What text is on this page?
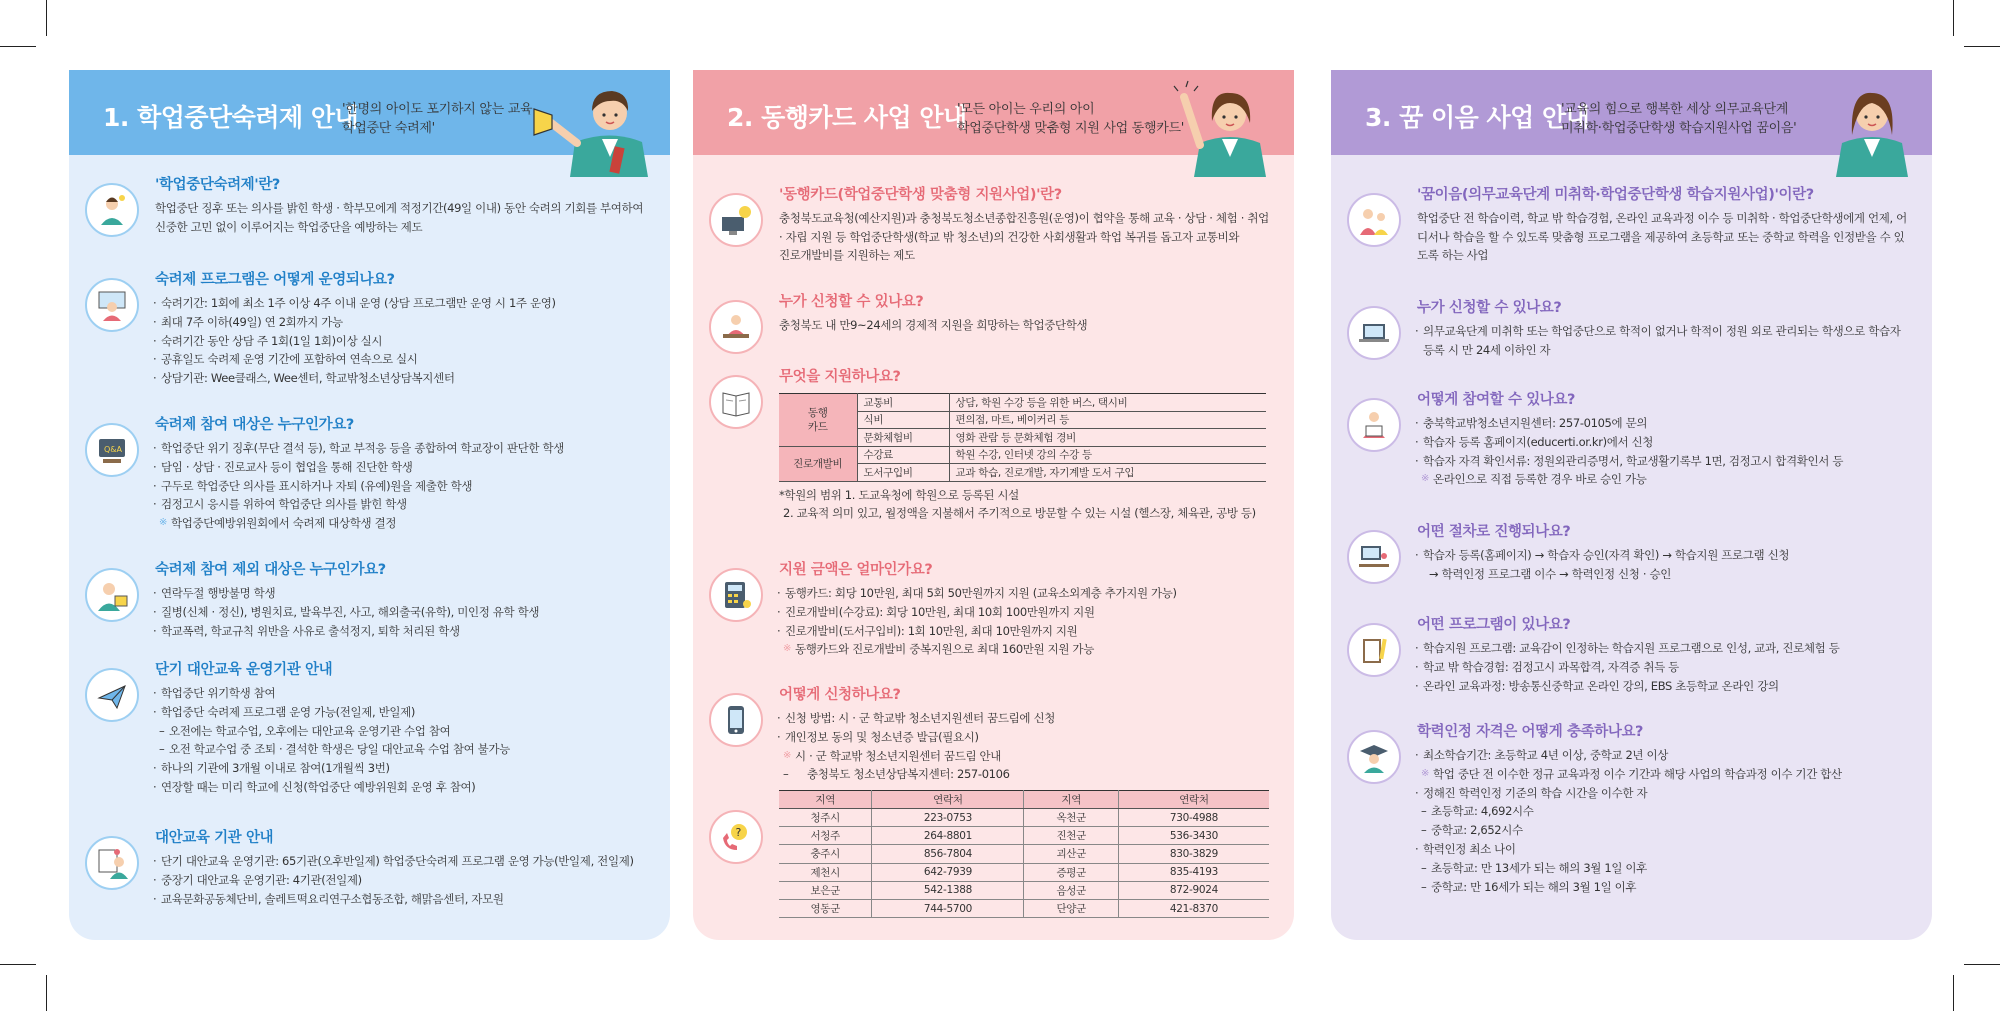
1. 학업중단숙려제 안내
'한명의 아이도 포기하지 않는 교육
학업중단 숙려제'
'학업중단숙려제'란?
학업중단 징후 또는 의사를 밝힌 학생 · 학부모에게 적정기간(49일 이내) 동안 숙려의 기회를 부여하여 신중한 고민 없이 이루어지는 학업중단을 예방하는 제도
숙려제 프로그램은 어떻게 운영되나요?
· 숙려기간: 1회에 최소 1주 이상 4주 이내 운영 (상담 프로그램만 운영 시 1주 운영)
· 최대 7주 이하(49일) 연 2회까지 가능
· 숙려기간 동안 상담 주 1회(1일 1회)이상 실시
· 공휴일도 숙려제 운영 기간에 포함하여 연속으로 실시
· 상담기관: Wee클래스, Wee센터, 학교밖청소년상담복지센터
Q&A
숙려제 참여 대상은 누구인가요?
· 학업중단 위기 징후(무단 결석 등), 학교 부적응 등을 종합하여 학교장이 판단한 학생
· 담임 · 상담 · 진로교사 등이 협업을 통해 진단한 학생
· 구두로 학업중단 의사를 표시하거나 자퇴 (유예)원을 제출한 학생
· 검정고시 응시를 위하여 학업중단 의사를 밝힌 학생
※ 학업중단예방위원회에서 숙려제 대상학생 결정
숙려제 참여 제외 대상은 누구인가요?
· 연락두절 행방불명 학생
· 질병(신체 · 정신), 병원치료, 발육부진, 사고, 해외출국(유학), 미인정 유학 학생
· 학교폭력, 학교규칙 위반을 사유로 출석정지, 퇴학 처리된 학생
단기 대안교육 운영기관 안내
· 학업중단 위기학생 참여
· 학업중단 숙려제 프로그램 운영 가능(전일제, 반일제)
– 오전에는 학교수업, 오후에는 대안교육 운영기관 수업 참여
– 오전 학교수업 중 조퇴 · 결석한 학생은 당일 대안교육 수업 참여 불가능
· 하나의 기관에 3개월 이내로 참여(1개월씩 3번)
· 연장할 때는 미리 학교에 신청(학업중단 예방위원회 운영 후 참여)
대안교육 기관 안내
· 단기 대안교육 운영기관: 65기관(오후반일제) 학업중단숙려제 프로그램 운영 가능(반일제, 전일제)
· 중장기 대안교육 운영기관: 4기관(전일제)
· 교육문화공동체단비, 솔레트떡요리연구소협동조합, 해맑음센터, 자모원
2. 동행카드 사업 안내
'모든 아이는 우리의 아이
학업중단학생 맞춤형 지원 사업 동행카드'
'동행카드(학업중단학생 맞춤형 지원사업)'란?
충청북도교육청(예산지원)과 충청북도청소년종합진흥원(운영)이 협약을 통해 교육 · 상담 · 체험 · 취업
· 자립 지원 등 학업중단학생(학교 밖 청소년)의 건강한 사회생활과 학업 복귀를 돕고자 교통비와
진로개발비를 지원하는 제도
누가 신청할 수 있나요?
충청북도 내 만9~24세의 경제적 지원을 희망하는 학업중단학생
무엇을 지원하나요?
동행
카드	교통비	상담, 학원 수강 등을 위한 버스, 택시비
	식비	편의점, 마트, 베이커리 등
	문화체험비	영화 관람 등 문화체험 경비
진로개발비	수강료	학원 수강, 인터넷 강의 수강 등
	도서구입비	교과 학습, 진로개발, 자기계발 도서 구입
*학원의 범위 1. 도교육청에 학원으로 등록된 시설
2. 교육적 의미 있고, 월정액을 지불해서 주기적으로 방문할 수 있는 시설 (헬스장, 체육관, 공방 등)
지원 금액은 얼마인가요?
· 동행카드: 회당 10만원, 최대 5회 50만원까지 지원 (교육소외계층 추가지원 가능)
· 진로개발비(수강료): 회당 10만원, 최대 10회 100만원까지 지원
· 진로개발비(도서구입비): 1회 10만원, 최대 10만원까지 지원
※ 동행카드와 진로개발비 중복지원으로 최대 160만원 지원 가능
어떻게 신청하나요?
· 신청 방법: 시 · 군 학교밖 청소년지원센터 꿈드림에 신청
· 개인정보 동의 및 청소년증 발급(필요시)
※ 시 · 군 학교밖 청소년지원센터 꿈드림 안내
– 충청북도 청소년상담복지센터: 257-0106
?
지역	연락처	지역	연락처
청주시	223-0753	옥천군	730-4988
서청주	264-8801	진천군	536-3430
충주시	856-7804	괴산군	830-3829
제천시	642-7939	증평군	835-4193
보은군	542-1388	음성군	872-9024
영동군	744-5700	단양군	421-8370
3. 꿈 이음 사업 안내
'교육의 힘으로 행복한 세상 의무교육단계
미취학·학업중단학생 학습지원사업 꿈이음'
'꿈이음(의무교육단계 미취학·학업중단학생 학습지원사업)'이란?
학업중단 전 학습이력, 학교 밖 학습경험, 온라인 교육과정 이수 등 미취학 · 학업중단학생에게 언제, 어디서나 학습을 할 수 있도록 맞춤형 프로그램을 제공하여 초등학교 또는 중학교 학력을 인정받을 수 있도록 하는 사업
누가 신청할 수 있나요?
· 의무교육단계 미취학 또는 학업중단으로 학적이 없거나 학적이 정원 외로 관리되는 학생으로 학습자 등록 시 만 24세 이하인 자
어떻게 참여할 수 있나요?
· 충북학교밖청소년지원센터: 257-0105에 문의
· 학습자 등록 홈페이지(educerti.or.kr)에서 신청
· 학습자 자격 확인서류: 정원외관리증명서, 학교생활기록부 1면, 검정고시 합격확인서 등
※ 온라인으로 직접 등록한 경우 바로 승인 가능
어떤 절차로 진행되나요?
· 학습자 등록(홈페이지) → 학습자 승인(자격 확인) → 학습지원 프로그램 신청
→ 학력인정 프로그램 이수 → 학력인정 신청 · 승인
어떤 프로그램이 있나요?
· 학습지원 프로그램: 교육감이 인정하는 학습지원 프로그램으로 인성, 교과, 진로체험 등
· 학교 밖 학습경험: 검정고시 과목합격, 자격증 취득 등
· 온라인 교육과정: 방송통신중학교 온라인 강의, EBS 초등학교 온라인 강의
학력인정 자격은 어떻게 충족하나요?
· 최소학습기간: 초등학교 4년 이상, 중학교 2년 이상
※ 학업 중단 전 이수한 정규 교육과정 이수 기간과 해당 사업의 학습과정 이수 기간 합산
· 정해진 학력인정 기준의 학습 시간을 이수한 자
– 초등학교: 4,692시수
– 중학교: 2,652시수
· 학력인정 최소 나이
– 초등학교: 만 13세가 되는 해의 3월 1일 이후
– 중학교: 만 16세가 되는 해의 3월 1일 이후
